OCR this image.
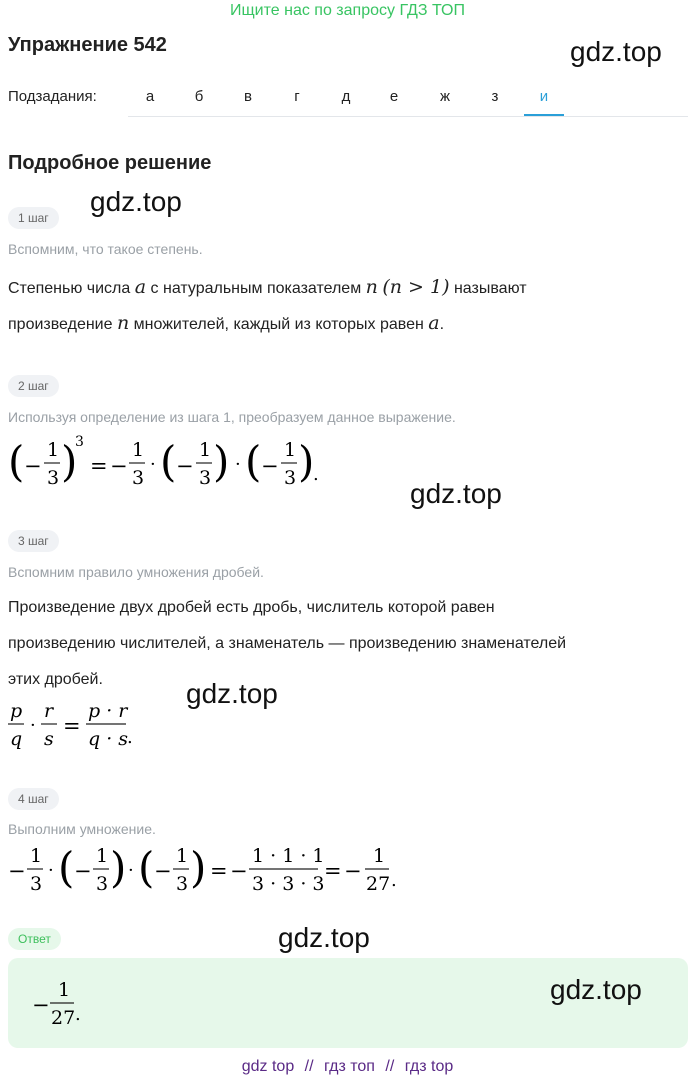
Ищите нас по запросу ГДЗ ТОП
Упражнение 542	gdz.top
Подзадания:	а	б	в	г	д	е	ж	з	и
Подробное решение
gdz.top
1 шаг
Вспомним, что такое степень.
Степенью числа a с натуральным показателем n (n > 1) называют
произведение n множителей, каждый из которых равен a.
2 шаг
Используя определение из шага 1, преобразуем данное выражение.
( −
1
3 )
3
= −
1
3
· ( −
1
3 ) · ( −
1
3 )
.
gdz.top
3 шаг
Вспомним правило умножения дробей.
Произведение двух дробей есть дробь, числитель которой равен
произведению числителей, а знаменатель — произведению знаменателей
этих дробей.	gdz.top
p
q
·
r
s
=
p · r
q · s
.
4 шаг
Выполним умножение.
−
1
3
· ( −
1
3 ) · ( −
1
3 ) = −
1 · 1 · 1
3 · 3 · 3
= −
1
27 .
Ответ	gdz.top
−
1
27 .
gdz.top
gdz top // гдз топ // гдз top
